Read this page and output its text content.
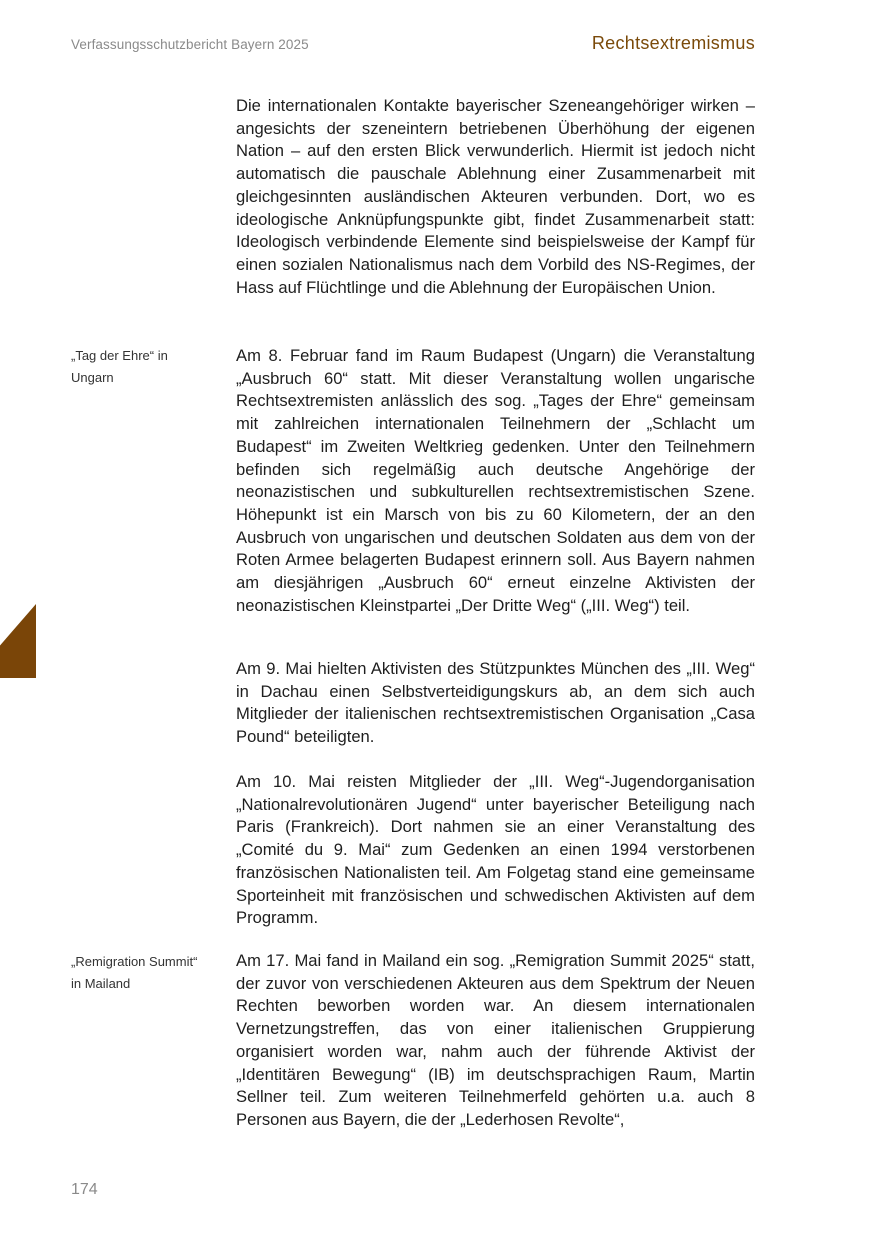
Verfassungsschutzbericht Bayern 2025	Rechtsextremismus

Die internationalen Kontakte bayerischer Szeneangehöriger wirken – angesichts der szeneintern betriebenen Überhöhung der eigenen Nation – auf den ersten Blick verwunderlich. Hiermit ist jedoch nicht automatisch die pauschale Ablehnung einer Zusammenarbeit mit gleichgesinnten ausländischen Akteuren verbunden. Dort, wo es ideologische Anknüpfungspunkte gibt, findet Zusammenarbeit statt: Ideologisch verbindende Elemente sind beispielsweise der Kampf für einen sozialen Nationalismus nach dem Vorbild des NS-Regimes, der Hass auf Flüchtlinge und die Ablehnung der Europäischen Union.

„Tag der Ehre“ in Ungarn

Am 8. Februar fand im Raum Budapest (Ungarn) die Veranstaltung „Ausbruch 60“ statt. Mit dieser Veranstaltung wollen ungarische Rechtsextremisten anlässlich des sog. „Tages der Ehre“ gemeinsam mit zahlreichen internationalen Teilnehmern der „Schlacht um Budapest“ im Zweiten Weltkrieg gedenken. Unter den Teilnehmern befinden sich regelmäßig auch deutsche Angehörige der neonazistischen und subkulturellen rechtsextremistischen Szene. Höhepunkt ist ein Marsch von bis zu 60 Kilometern, der an den Ausbruch von ungarischen und deutschen Soldaten aus dem von der Roten Armee belagerten Budapest erinnern soll. Aus Bayern nahmen am diesjährigen „Ausbruch 60“ erneut einzelne Aktivisten der neonazistischen Kleinstpartei „Der Dritte Weg“ („III. Weg“) teil.

Am 9. Mai hielten Aktivisten des Stützpunktes München des „III. Weg“ in Dachau einen Selbstverteidigungskurs ab, an dem sich auch Mitglieder der italienischen rechtsextremistischen Organisation „Casa Pound“ beteiligten.

Am 10. Mai reisten Mitglieder der „III. Weg“-Jugendorganisation „Nationalrevolutionären Jugend“ unter bayerischer Beteiligung nach Paris (Frankreich). Dort nahmen sie an einer Veranstaltung des „Comité du 9. Mai“ zum Gedenken an einen 1994 verstorbenen französischen Nationalisten teil. Am Folgetag stand eine gemeinsame Sporteinheit mit französischen und schwedischen Aktivisten auf dem Programm.

„Remigration Summit“ in Mailand

Am 17. Mai fand in Mailand ein sog. „Remigration Summit 2025“ statt, der zuvor von verschiedenen Akteuren aus dem Spektrum der Neuen Rechten beworben worden war. An diesem internationalen Vernetzungstreffen, das von einer italienischen Gruppierung organisiert worden war, nahm auch der führende Aktivist der „Identitären Bewegung“ (IB) im deutschsprachigen Raum, Martin Sellner teil. Zum weiteren Teilnehmerfeld gehörten u.a. auch 8 Personen aus Bayern, die der „Lederhosen Revolte“,

174
